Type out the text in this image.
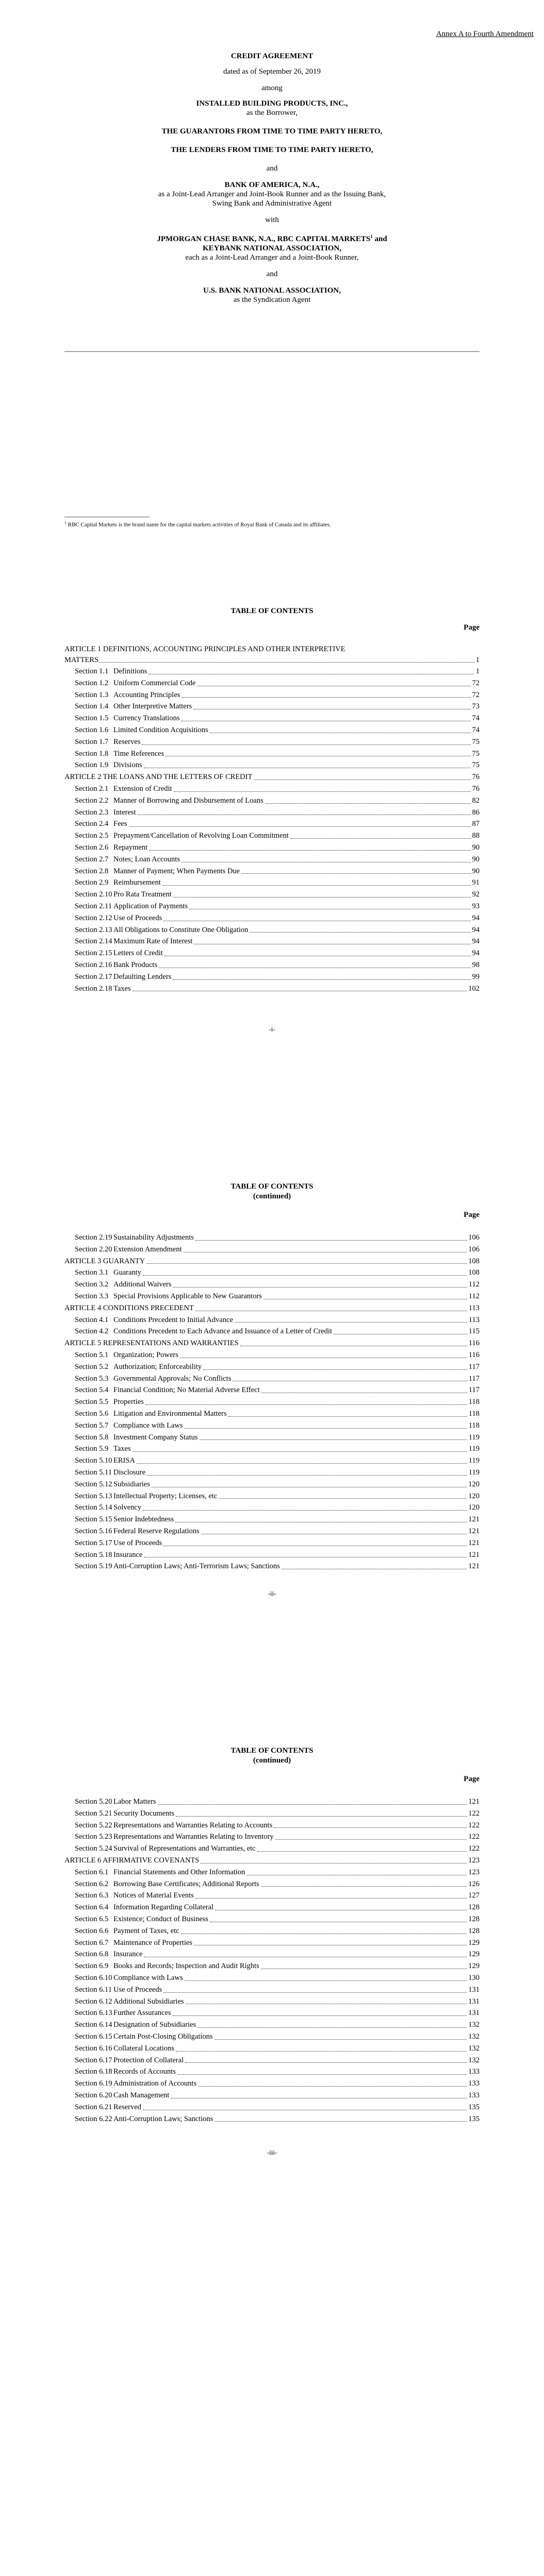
Annex A to Fourth Amendment

CREDIT AGREEMENT

dated as of September 26, 2019

among

INSTALLED BUILDING PRODUCTS, INC.,

as the Borrower,

THE GUARANTORS FROM TIME TO TIME PARTY HERETO,

THE LENDERS FROM TIME TO TIME PARTY HERETO,

and

BANK OF AMERICA, N.A.,

as a Joint-Lead Arranger and Joint-Book Runner and as the Issuing Bank,

Swing Bank and Administrative Agent

with

JPMORGAN CHASE BANK, N.A., RBC CAPITAL MARKETS$^1$ and

KEYBANK NATIONAL ASSOCIATION,

each as a Joint-Lead Arranger and a Joint-Book Runner,

and

U.S. BANK NATIONAL ASSOCIATION,

as the Syndication Agent

$^1$ RBC Capital Markets is the brand name for the capital markets activities of Royal Bank of Canada and its affiliates.
TABLE OF CONTENTS
Page
ARTICLE 1 DEFINITIONS, ACCOUNTING PRINCIPLES AND OTHER INTERPRETIVE
MATTERS	1
Section 1.1 Definitions	1
Section 1.2 Uniform Commercial Code	72
Section 1.3 Accounting Principles	72
Section 1.4 Other Interpretive Matters	73
Section 1.5 Currency Translations	74
Section 1.6 Limited Condition Acquisitions	74
Section 1.7 Reserves	75
Section 1.8 Time References	75
Section 1.9 Divisions	75
ARTICLE 2 THE LOANS AND THE LETTERS OF CREDIT	76
Section 2.1 Extension of Credit	76
Section 2.2 Manner of Borrowing and Disbursement of Loans	82
Section 2.3 Interest	86
Section 2.4 Fees	87
Section 2.5 Prepayment/Cancellation of Revolving Loan Commitment	88
Section 2.6 Repayment	90
Section 2.7 Notes; Loan Accounts	90
Section 2.8 Manner of Payment; When Payments Due	90
Section 2.9 Reimbursement	91
Section 2.10 Pro Rata Treatment	92
Section 2.11 Application of Payments	93
Section 2.12 Use of Proceeds	94
Section 2.13 All Obligations to Constitute One Obligation	94
Section 2.14 Maximum Rate of Interest	94
Section 2.15 Letters of Credit	94
Section 2.16 Bank Products	98
Section 2.17 Defaulting Lenders	99
Section 2.18 Taxes	102
-i-
TABLE OF CONTENTS
(continued)
Page
Section 2.19 Sustainability Adjustments	106
Section 2.20 Extension Amendment	106
ARTICLE 3 GUARANTY	108
Section 3.1 Guaranty	108
Section 3.2 Additional Waivers	112
Section 3.3 Special Provisions Applicable to New Guarantors	112
ARTICLE 4 CONDITIONS PRECEDENT	113
Section 4.1 Conditions Precedent to Initial Advance	113
Section 4.2 Conditions Precedent to Each Advance and Issuance of a Letter of Credit	115
ARTICLE 5 REPRESENTATIONS AND WARRANTIES	116
Section 5.1 Organization; Powers	116
Section 5.2 Authorization; Enforceability	117
Section 5.3 Governmental Approvals; No Conflicts	117
Section 5.4 Financial Condition; No Material Adverse Effect	117
Section 5.5 Properties	118
Section 5.6 Litigation and Environmental Matters	118
Section 5.7 Compliance with Laws	118
Section 5.8 Investment Company Status	119
Section 5.9 Taxes	119
Section 5.10 ERISA	119
Section 5.11 Disclosure	119
Section 5.12 Subsidiaries	120
Section 5.13 Intellectual Property; Licenses, etc	120
Section 5.14 Solvency	120
Section 5.15 Senior Indebtedness	121
Section 5.16 Federal Reserve Regulations	121
Section 5.17 Use of Proceeds	121
Section 5.18 Insurance	121
Section 5.19 Anti-Corruption Laws; Anti-Terrorism Laws; Sanctions	121
-ii-
TABLE OF CONTENTS
(continued)
Page
Section 5.20 Labor Matters	121
Section 5.21 Security Documents	122
Section 5.22 Representations and Warranties Relating to Accounts	122
Section 5.23 Representations and Warranties Relating to Inventory	122
Section 5.24 Survival of Representations and Warranties, etc	122
ARTICLE 6 AFFIRMATIVE COVENANTS	123
Section 6.1 Financial Statements and Other Information	123
Section 6.2 Borrowing Base Certificates; Additional Reports	126
Section 6.3 Notices of Material Events	127
Section 6.4 Information Regarding Collateral	128
Section 6.5 Existence; Conduct of Business	128
Section 6.6 Payment of Taxes, etc	128
Section 6.7 Maintenance of Properties	129
Section 6.8 Insurance	129
Section 6.9 Books and Records; Inspection and Audit Rights	129
Section 6.10 Compliance with Laws	130
Section 6.11 Use of Proceeds	131
Section 6.12 Additional Subsidiaries	131
Section 6.13 Further Assurances	131
Section 6.14 Designation of Subsidiaries	132
Section 6.15 Certain Post-Closing Obligations	132
Section 6.16 Collateral Locations	132
Section 6.17 Protection of Collateral	132
Section 6.18 Records of Accounts	133
Section 6.19 Administration of Accounts	133
Section 6.20 Cash Management	133
Section 6.21 Reserved	135
Section 6.22 Anti-Corruption Laws; Sanctions	135
-iii-
